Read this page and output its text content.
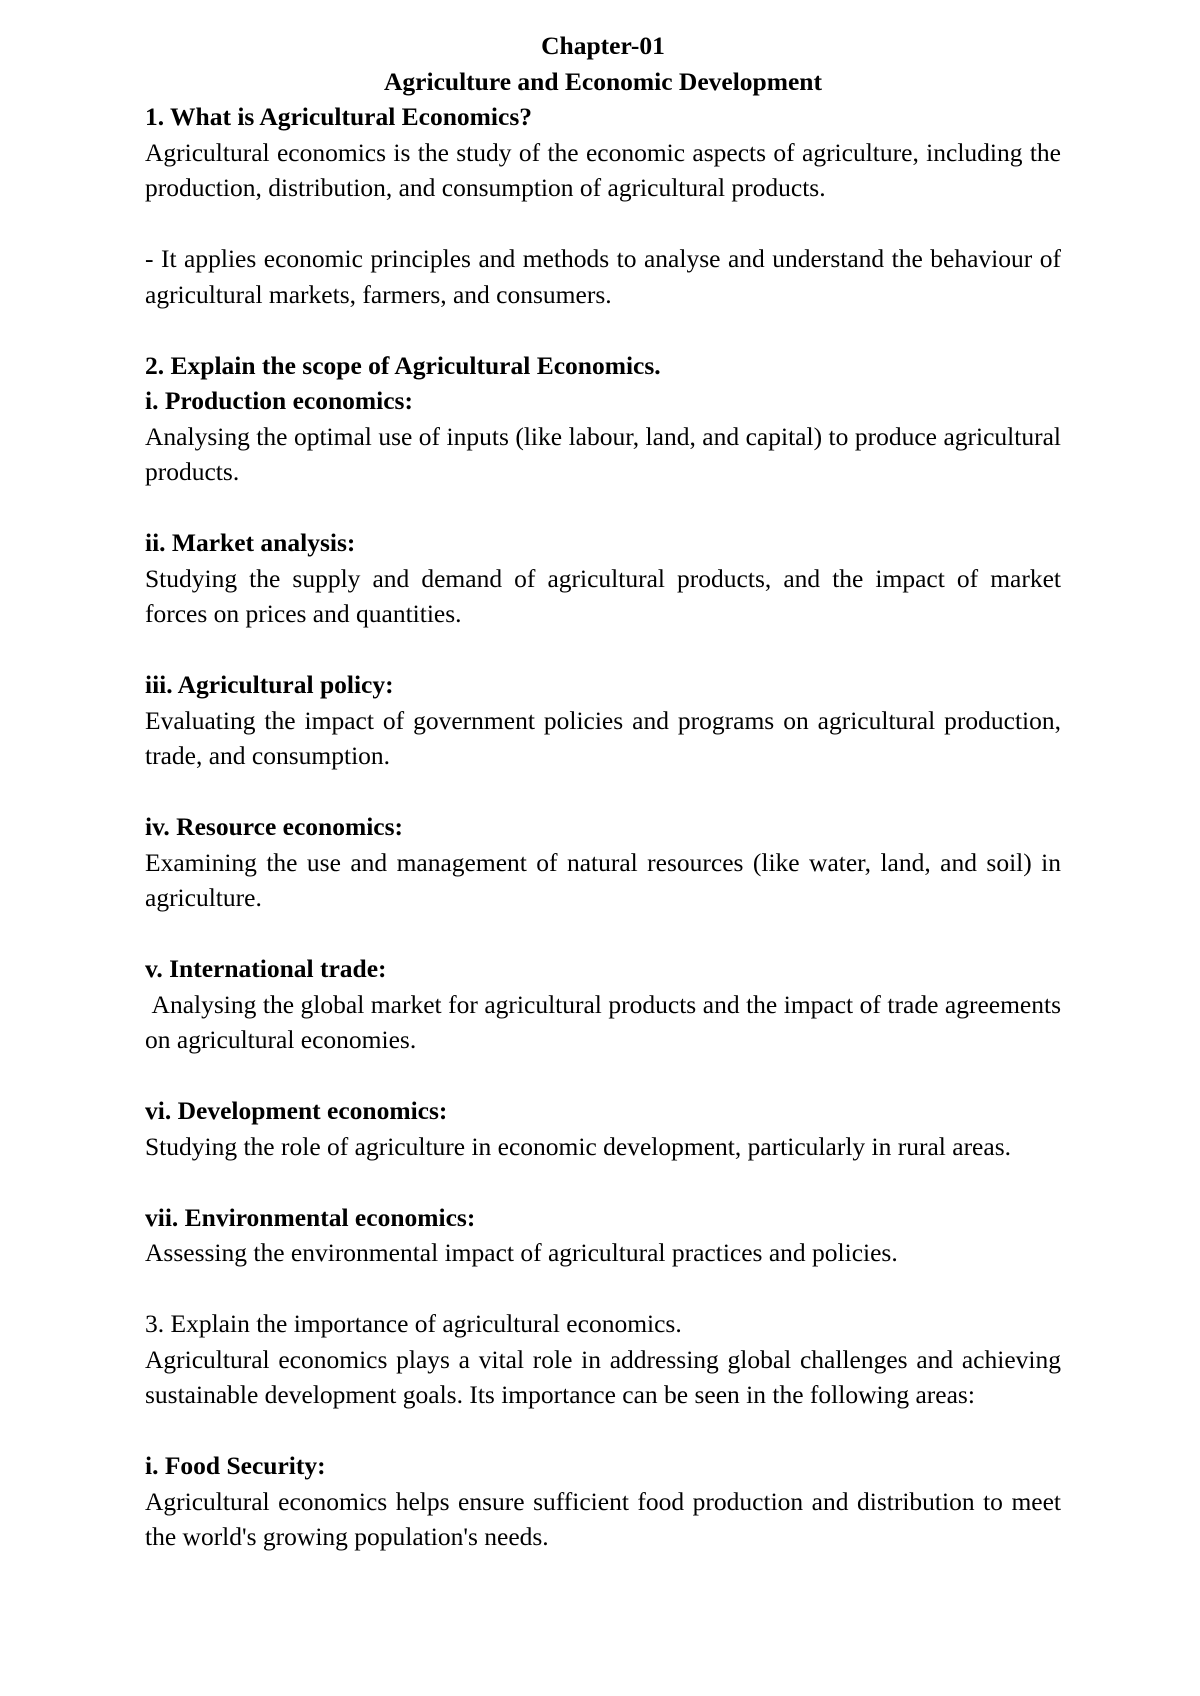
Chapter-01

Agriculture and Economic Development

1. What is Agricultural Economics?

Agricultural economics is the study of the economic aspects of agriculture, including the production, distribution, and consumption of agricultural products.

- It applies economic principles and methods to analyse and understand the behaviour of agricultural markets, farmers, and consumers.

2. Explain the scope of Agricultural Economics.

i. Production economics:

Analysing the optimal use of inputs (like labour, land, and capital) to produce agricultural products.

ii. Market analysis:

Studying the supply and demand of agricultural products, and the impact of market forces on prices and quantities.

iii. Agricultural policy:

Evaluating the impact of government policies and programs on agricultural production, trade, and consumption.

iv. Resource economics:

Examining the use and management of natural resources (like water, land, and soil) in agriculture.

v. International trade:

Analysing the global market for agricultural products and the impact of trade agreements on agricultural economies.

vi. Development economics:

Studying the role of agriculture in economic development, particularly in rural areas.

vii. Environmental economics:

Assessing the environmental impact of agricultural practices and policies.

3. Explain the importance of agricultural economics.

Agricultural economics plays a vital role in addressing global challenges and achieving sustainable development goals. Its importance can be seen in the following areas:

i. Food Security:

Agricultural economics helps ensure sufficient food production and distribution to meet the world's growing population's needs.
